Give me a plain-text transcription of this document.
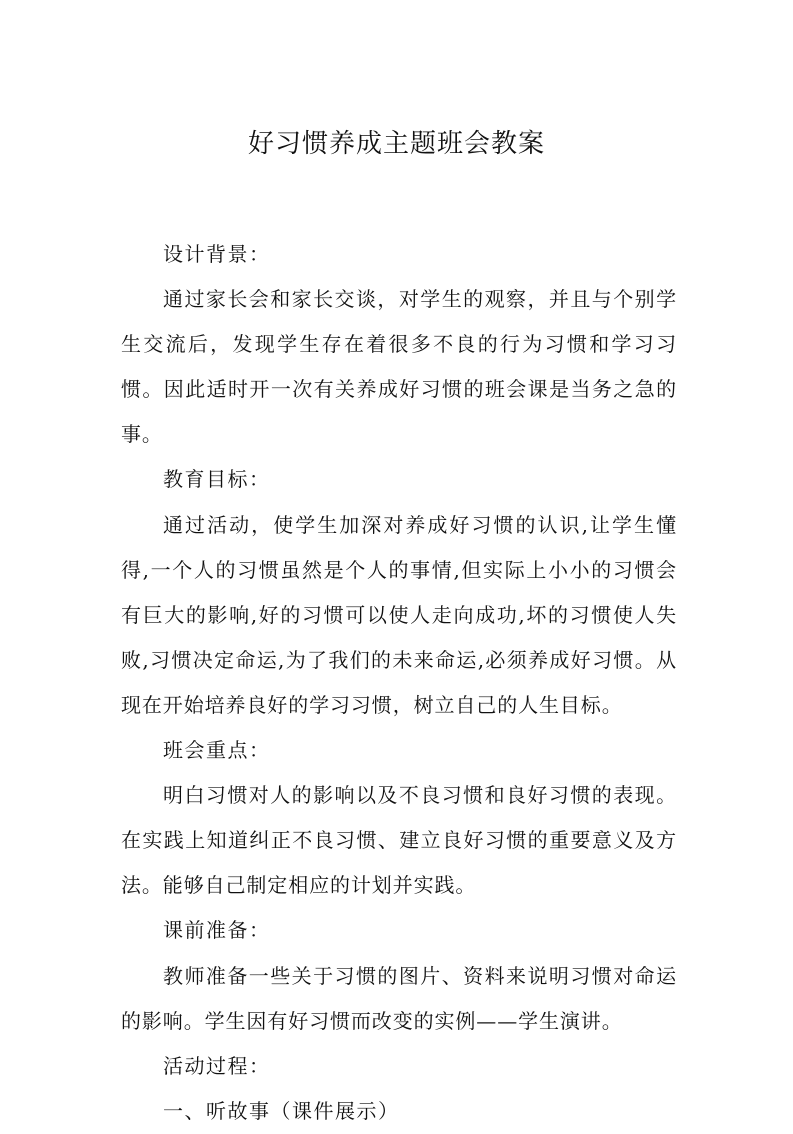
好习惯养成主题班会教案

设计背景：

通过家长会和家长交谈，对学生的观察，并且与个别学生交流后，发现学生存在着很多不良的行为习惯和学习习惯。因此适时开一次有关养成好习惯的班会课是当务之急的事。

教育目标：

通过活动，使学生加深对养成好习惯的认识,让学生懂得,一个人的习惯虽然是个人的事情,但实际上小小的习惯会有巨大的影响,好的习惯可以使人走向成功,坏的习惯使人失败,习惯决定命运,为了我们的未来命运,必须养成好习惯。从现在开始培养良好的学习习惯，树立自己的人生目标。

班会重点：

明白习惯对人的影响以及不良习惯和良好习惯的表现。在实践上知道纠正不良习惯、建立良好习惯的重要意义及方法。能够自己制定相应的计划并实践。

课前准备：

教师准备一些关于习惯的图片、资料来说明习惯对命运的影响。学生因有好习惯而改变的实例——学生演讲。

活动过程：

一、听故事（课件展示）
